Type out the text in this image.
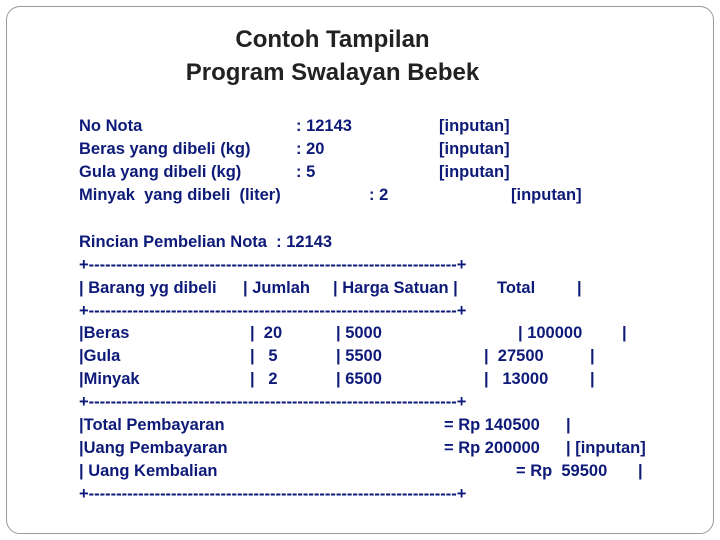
Contoh Tampilan
Program Swalayan Bebek
No Nota	: 12143	[inputan]
Beras yang dibeli (kg)	: 20	[inputan]
Gula yang dibeli (kg)	: 5	[inputan]
Minyak  yang dibeli  (liter)	: 2	[inputan]
Rincian Pembelian Nota  : 12143
+-------------------------------------------------------------------+
| Barang yg dibeli | Jumlah | Harga Satuan | Total	|
+-------------------------------------------------------------------+
|Beras	|  20	| 5000	| 100000 |
|Gula	|   5	| 5500	|  27500	|
|Minyak	|   2	| 6500	|   13000	|
+-------------------------------------------------------------------+
|Total Pembayaran	= Rp 140500 |
|Uang Pembayaran	= Rp 200000 | [inputan]
| Uang Kembalian	= Rp  59500 |
+-------------------------------------------------------------------+
